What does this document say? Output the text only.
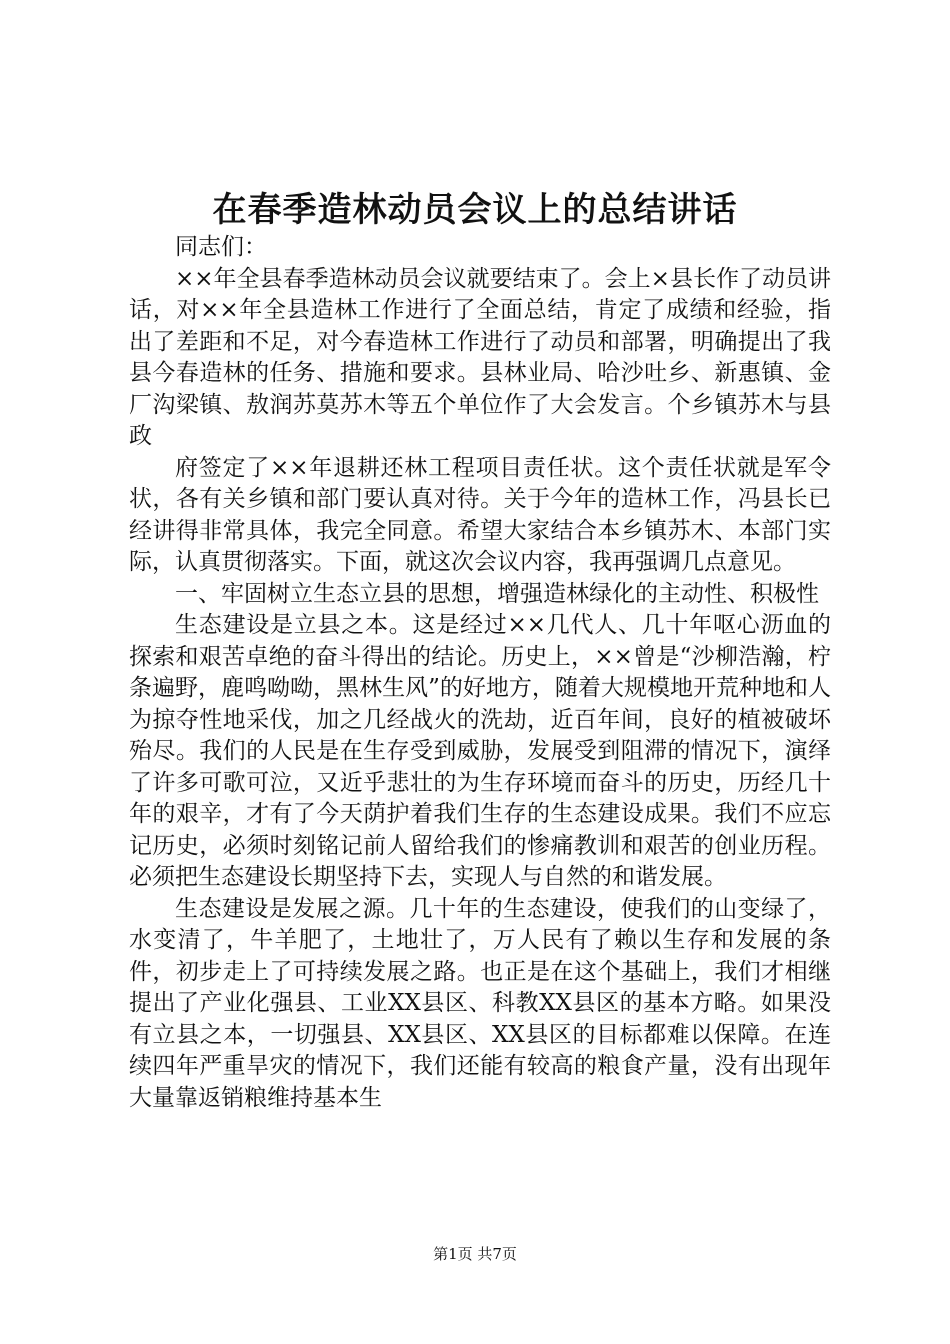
在春季造林动员会议上的总结讲话

同志们：

××年全县春季造林动员会议就要结束了。会上×县长作了动员讲话，对××年全县造林工作进行了全面总结，肯定了成绩和经验，指出了差距和不足，对今春造林工作进行了动员和部署，明确提出了我县今春造林的任务、措施和要求。县林业局、哈沙吐乡、新惠镇、金厂沟梁镇、敖润苏莫苏木等五个单位作了大会发言。个乡镇苏木与县政

府签定了××年退耕还林工程项目责任状。这个责任状就是军令状，各有关乡镇和部门要认真对待。关于今年的造林工作，冯县长已经讲得非常具体，我完全同意。希望大家结合本乡镇苏木、本部门实际，认真贯彻落实。下面，就这次会议内容，我再强调几点意见。

一、牢固树立生态立县的思想，增强造林绿化的主动性、积极性

生态建设是立县之本。这是经过××几代人、几十年呕心沥血的探索和艰苦卓绝的奋斗得出的结论。历史上，××曾是“沙柳浩瀚，柠条遍野，鹿鸣呦呦，黑林生风”的好地方，随着大规模地开荒种地和人为掠夺性地采伐，加之几经战火的洗劫，近百年间，良好的植被破坏殆尽。我们的人民是在生存受到威胁，发展受到阻滞的情况下，演绎了许多可歌可泣，又近乎悲壮的为生存环境而奋斗的历史，历经几十年的艰辛，才有了今天荫护着我们生存的生态建设成果。我们不应忘记历史，必须时刻铭记前人留给我们的惨痛教训和艰苦的创业历程。必须把生态建设长期坚持下去，实现人与自然的和谐发展。

生态建设是发展之源。几十年的生态建设，使我们的山变绿了，水变清了，牛羊肥了，土地壮了，万人民有了赖以生存和发展的条件，初步走上了可持续发展之路。也正是在这个基础上，我们才相继提出了产业化强县、工业XX县区、科教XX县区的基本方略。如果没有立县之本，一切强县、XX县区、XX县区的目标都难以保障。在连续四年严重旱灾的情况下，我们还能有较高的粮食产量，没有出现年大量靠返销粮维持基本生

第1页 共7页
